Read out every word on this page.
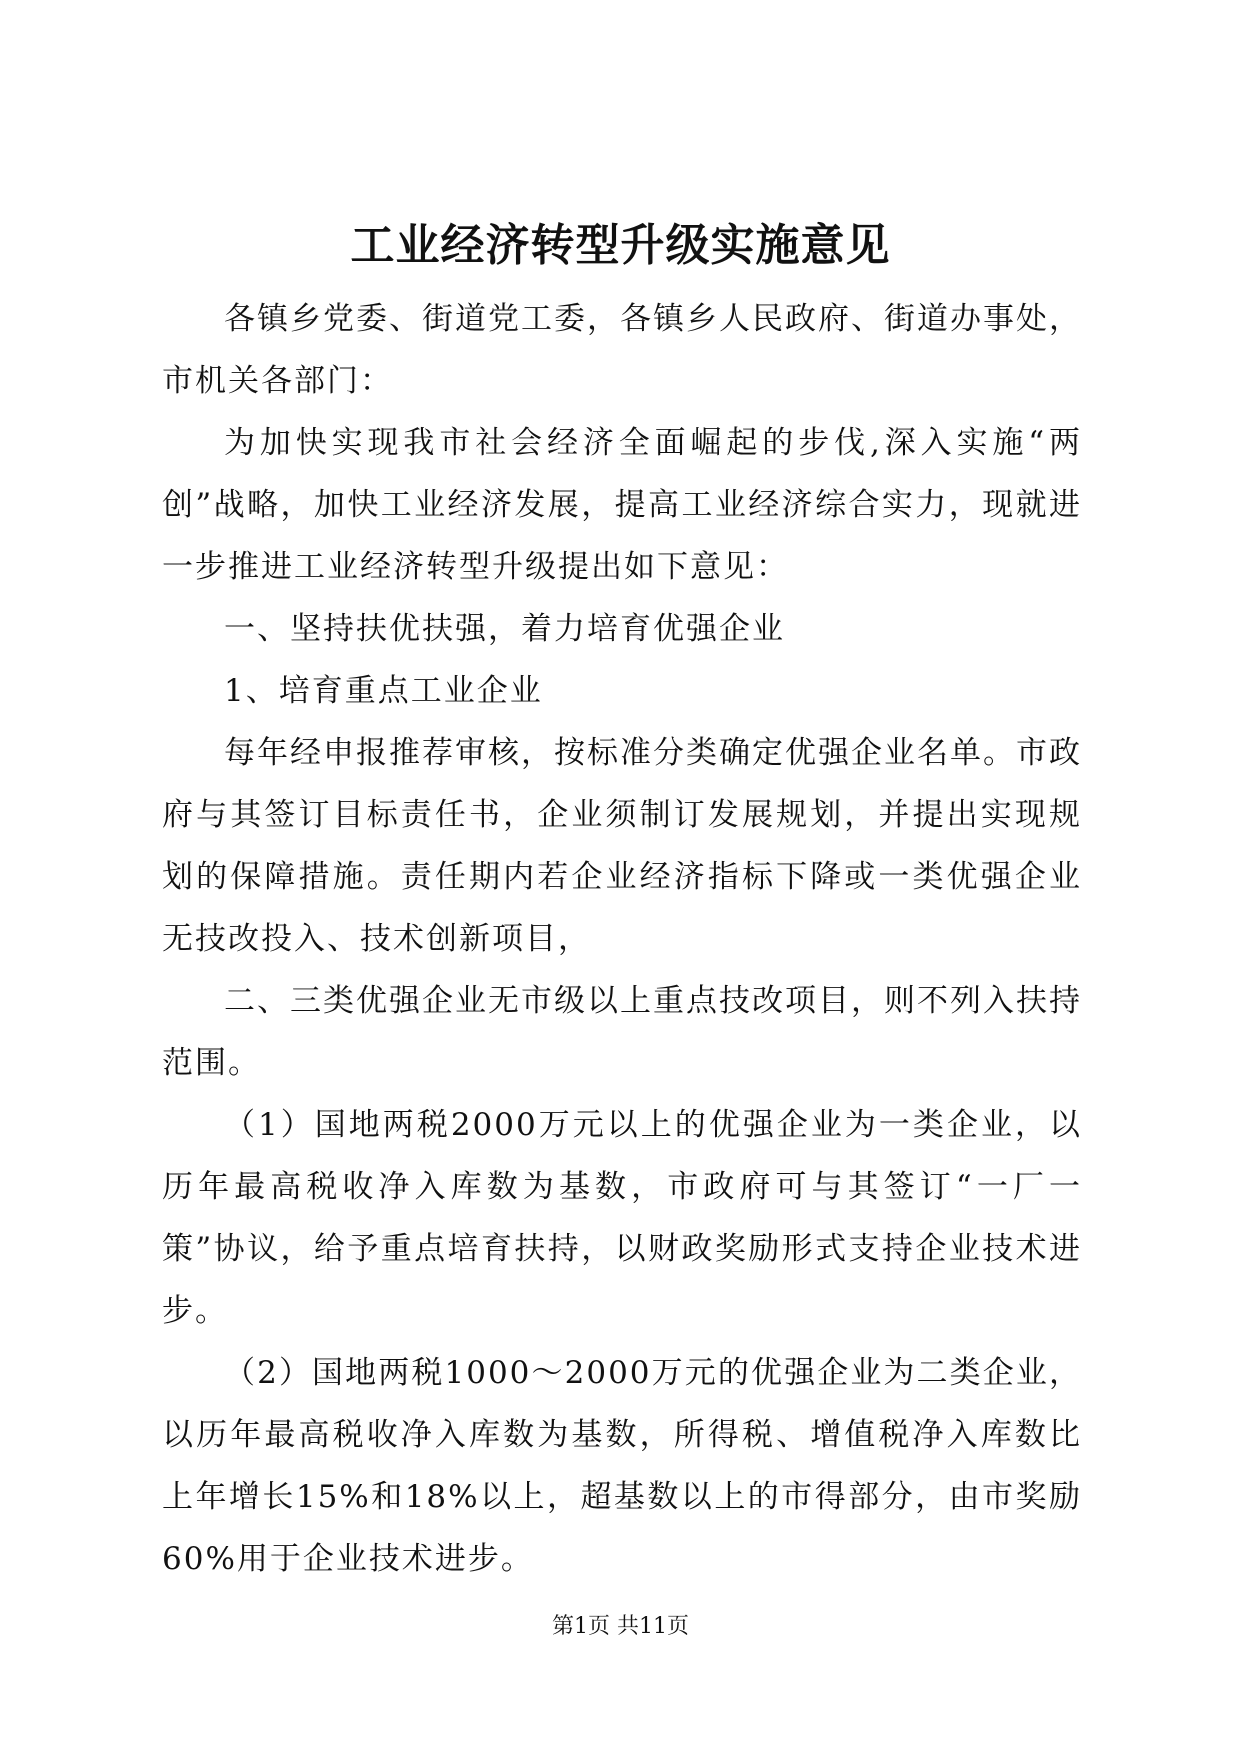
工业经济转型升级实施意见

各镇乡党委、街道党工委，各镇乡人民政府、街道办事处，市机关各部门：

为加快实现我市社会经济全面崛起的步伐,深入实施“两创”战略，加快工业经济发展，提高工业经济综合实力，现就进一步推进工业经济转型升级提出如下意见：

一、坚持扶优扶强，着力培育优强企业

1、培育重点工业企业

每年经申报推荐审核，按标准分类确定优强企业名单。市政府与其签订目标责任书，企业须制订发展规划，并提出实现规划的保障措施。责任期内若企业经济指标下降或一类优强企业无技改投入、技术创新项目，

二、三类优强企业无市级以上重点技改项目，则不列入扶持范围。

（1）国地两税2000万元以上的优强企业为一类企业，以历年最高税收净入库数为基数，市政府可与其签订“一厂一策”协议，给予重点培育扶持，以财政奖励形式支持企业技术进步。

（2）国地两税1000～2000万元的优强企业为二类企业，以历年最高税收净入库数为基数，所得税、增值税净入库数比上年增长15%和18%以上，超基数以上的市得部分，由市奖励60%用于企业技术进步。

第1页 共11页
